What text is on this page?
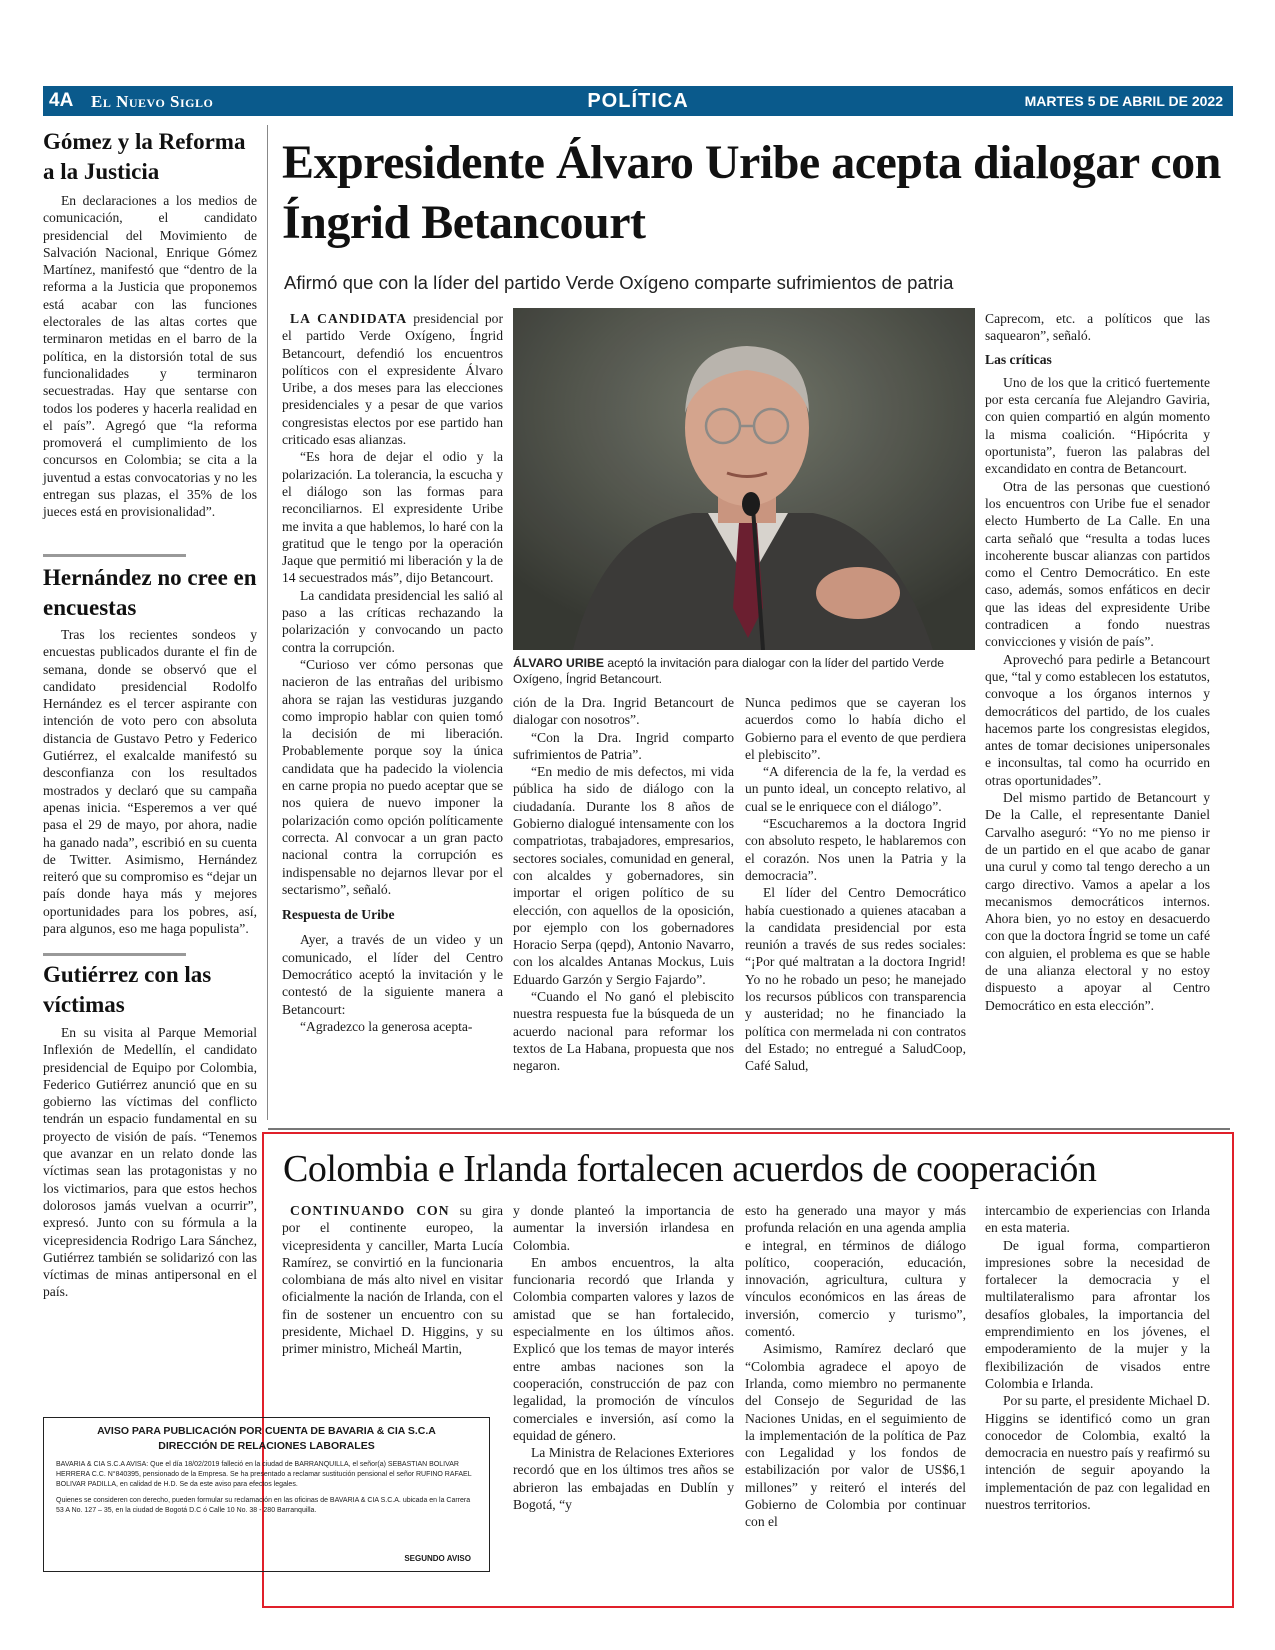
4A El Nuevo Siglo	POLÍTICA	MARTES 5 DE ABRIL DE 2022
Gómez y la Reforma a la Justicia

En declaraciones a los medios de comunicación, el candidato presidencial del Movimiento de Salvación Nacional, Enrique Gómez Martínez, manifestó que “dentro de la reforma a la Justicia que proponemos está acabar con las funciones electorales de las altas cortes que terminaron metidas en el barro de la política, en la distorsión total de sus funcionalidades y terminaron secuestradas. Hay que sentarse con todos los poderes y hacerla realidad en el país”. Agregó que “la reforma promoverá el cumplimiento de los concursos en Colombia; se cita a la juventud a estas convocatorias y no les entregan sus plazas, el 35% de los jueces está en provisionalidad”.

Hernández no cree en encuestas

Tras los recientes sondeos y encuestas publicados durante el fin de semana, donde se observó que el candidato presidencial Rodolfo Hernández es el tercer aspirante con intención de voto pero con absoluta distancia de Gustavo Petro y Federico Gutiérrez, el exalcalde manifestó su desconfianza con los resultados mostrados y declaró que su campaña apenas inicia. “Esperemos a ver qué pasa el 29 de mayo, por ahora, nadie ha ganado nada”, escribió en su cuenta de Twitter. Asimismo, Hernández reiteró que su compromiso es “dejar un país donde haya más y mejores oportunidades para los pobres, así, para algunos, eso me haga populista”.

Gutiérrez con las víctimas

En su visita al Parque Memorial Inflexión de Medellín, el candidato presidencial de Equipo por Colombia, Federico Gutiérrez anunció que en su gobierno las víctimas del conflicto tendrán un espacio fundamental en su proyecto de visión de país. “Tenemos que avanzar en un relato donde las víctimas sean las protagonistas y no los victimarios, para que estos hechos dolorosos jamás vuelvan a ocurrir”, expresó. Junto con su fórmula a la vicepresidencia Rodrigo Lara Sánchez, Gutiérrez también se solidarizó con las víctimas de minas antipersonal en el país.

Expresidente Álvaro Uribe acepta dialogar con Íngrid Betancourt
Afirmó que con la líder del partido Verde Oxígeno comparte sufrimientos de patria

LA CANDIDATA presidencial por el partido Verde Oxígeno, Íngrid Betancourt, defendió los encuentros políticos con el expresidente Álvaro Uribe, a dos meses para las elecciones presidenciales y a pesar de que varios congresistas electos por ese partido han criticado esas alianzas.

“Es hora de dejar el odio y la polarización. La tolerancia, la escucha y el diálogo son las formas para reconciliarnos. El expresidente Uribe me invita a que hablemos, lo haré con la gratitud que le tengo por la operación Jaque que permitió mi liberación y la de 14 secuestrados más”, dijo Betancourt.

La candidata presidencial les salió al paso a las críticas rechazando la polarización y convocando un pacto contra la corrupción.

“Curioso ver cómo personas que nacieron de las entrañas del uribismo ahora se rajan las vestiduras juzgando como impropio hablar con quien tomó la decisión de mi liberación. Probablemente porque soy la única candidata que ha padecido la violencia en carne propia no puedo aceptar que se nos quiera de nuevo imponer la polarización como opción políticamente correcta. Al convocar a un gran pacto nacional contra la corrupción es indispensable no dejarnos llevar por el sectarismo”, señaló.

Respuesta de Uribe

Ayer, a través de un video y un comunicado, el líder del Centro Democrático aceptó la invitación y le contestó de la siguiente manera a Betancourt:

“Agradezco la generosa acepta-

ÁLVARO URIBE aceptó la invitación para dialogar con la líder del partido Verde Oxígeno, Íngrid Betancourt.

ción de la Dra. Ingrid Betancourt de dialogar con nosotros”.

“Con la Dra. Ingrid comparto sufrimientos de Patria”.

“En medio de mis defectos, mi vida pública ha sido de diálogo con la ciudadanía. Durante los 8 años de Gobierno dialogué intensamente con los compatriotas, trabajadores, empresarios, sectores sociales, comunidad en general, con alcaldes y gobernadores, sin importar el origen político de su elección, con aquellos de la oposición, por ejemplo con los gobernadores Horacio Serpa (qepd), Antonio Navarro, con los alcaldes Antanas Mockus, Luis Eduardo Garzón y Sergio Fajardo”.

“Cuando el No ganó el plebiscito nuestra respuesta fue la búsqueda de un acuerdo nacional para reformar los textos de La Habana, propuesta que nos negaron.

Nunca pedimos que se cayeran los acuerdos como lo había dicho el Gobierno para el evento de que perdiera el plebiscito”.

“A diferencia de la fe, la verdad es un punto ideal, un concepto relativo, al cual se le enriquece con el diálogo”.

“Escucharemos a la doctora Ingrid con absoluto respeto, le hablaremos con el corazón. Nos unen la Patria y la democracia”.

El líder del Centro Democrático había cuestionado a quienes atacaban a la candidata presidencial por esta reunión a través de sus redes sociales: “¡Por qué maltratan a la doctora Ingrid! Yo no he robado un peso; he manejado los recursos públicos con transparencia y austeridad; no he financiado la política con mermelada ni con contratos del Estado; no entregué a SaludCoop, Café Salud,

Caprecom, etc. a políticos que las saquearon”, señaló.

Las críticas

Uno de los que la criticó fuertemente por esta cercanía fue Alejandro Gaviria, con quien compartió en algún momento la misma coalición. “Hipócrita y oportunista”, fueron las palabras del excandidato en contra de Betancourt.

Otra de las personas que cuestionó los encuentros con Uribe fue el senador electo Humberto de La Calle. En una carta señaló que “resulta a todas luces incoherente buscar alianzas con partidos como el Centro Democrático. En este caso, además, somos enfáticos en decir que las ideas del expresidente Uribe contradicen a fondo nuestras convicciones y visión de país”.

Aprovechó para pedirle a Betancourt que, “tal y como establecen los estatutos, convoque a los órganos internos y democráticos del partido, de los cuales hacemos parte los congresistas elegidos, antes de tomar decisiones unipersonales e inconsultas, tal como ha ocurrido en otras oportunidades”.

Del mismo partido de Betancourt y De la Calle, el representante Daniel Carvalho aseguró: “Yo no me pienso ir de un partido en el que acabo de ganar una curul y como tal tengo derecho a un cargo directivo. Vamos a apelar a los mecanismos democráticos internos. Ahora bien, yo no estoy en desacuerdo con que la doctora Íngrid se tome un café con alguien, el problema es que se hable de una alianza electoral y no estoy dispuesto a apoyar al Centro Democrático en esta elección”.

Colombia e Irlanda fortalecen acuerdos de cooperación

CONTINUANDO CON su gira por el continente europeo, la vicepresidenta y canciller, Marta Lucía Ramírez, se convirtió en la funcionaria colombiana de más alto nivel en visitar oficialmente la nación de Irlanda, con el fin de sostener un encuentro con su presidente, Michael D. Higgins, y su primer ministro, Micheál Martin,

y donde planteó la importancia de aumentar la inversión irlandesa en Colombia.

En ambos encuentros, la alta funcionaria recordó que Irlanda y Colombia comparten valores y lazos de amistad que se han fortalecido, especialmente en los últimos años. Explicó que los temas de mayor interés entre ambas naciones son la cooperación, construcción de paz con legalidad, la promoción de vínculos comerciales e inversión, así como la equidad de género.

La Ministra de Relaciones Exteriores recordó que en los últimos tres años se abrieron las embajadas en Dublín y Bogotá, “y

esto ha generado una mayor y más profunda relación en una agenda amplia e integral, en términos de diálogo político, cooperación, educación, innovación, agricultura, cultura y vínculos económicos en las áreas de inversión, comercio y turismo”, comentó.

Asimismo, Ramírez declaró que “Colombia agradece el apoyo de Irlanda, como miembro no permanente del Consejo de Seguridad de las Naciones Unidas, en el seguimiento de la implementación de la política de Paz con Legalidad y los fondos de estabilización por valor de US$6,1 millones” y reiteró el interés del Gobierno de Colombia por continuar con el

intercambio de experiencias con Irlanda en esta materia.

De igual forma, compartieron impresiones sobre la necesidad de fortalecer la democracia y el multilateralismo para afrontar los desafíos globales, la importancia del emprendimiento en los jóvenes, el empoderamiento de la mujer y la flexibilización de visados entre Colombia e Irlanda.

Por su parte, el presidente Michael D. Higgins se identificó como un gran conocedor de Colombia, exaltó la democracia en nuestro país y reafirmó su intención de seguir apoyando la implementación de paz con legalidad en nuestros territorios.

AVISO PARA PUBLICACIÓN POR CUENTA DE BAVARIA & CIA S.C.A
DIRECCIÓN DE RELACIONES LABORALES
BAVARIA & CIA S.C.A AVISA: Que el día 18/02/2019 falleció en la ciudad de BARRANQUILLA, el señor(a) SEBASTIAN BOLIVAR HERRERA C.C. N°840395, pensionado de la Empresa. Se ha presentado a reclamar sustitución pensional el señor RUFINO RAFAEL BOLIVAR PADILLA, en calidad de H.D. Se da este aviso para efectos legales.
Quienes se consideren con derecho, pueden formular su reclamación en las oficinas de BAVARIA & CIA S.C.A. ubicada en la Carrera 53 A No. 127 – 35, en la ciudad de Bogotá D.C ó Calle 10 No. 38 - 280 Barranquilla.
SEGUNDO AVISO
